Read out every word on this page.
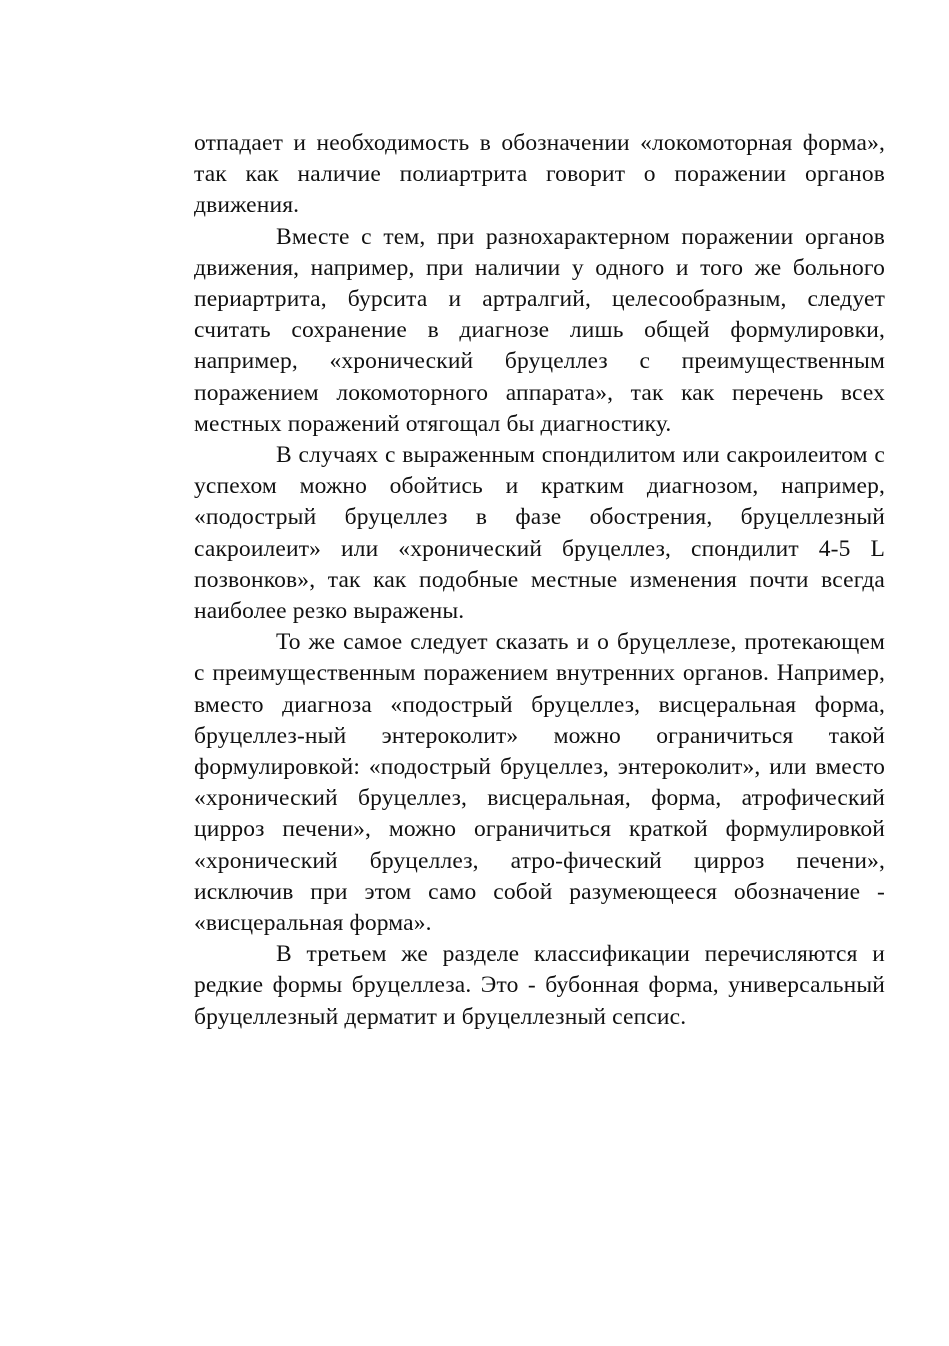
отпадает и необходимость в обозначении «локомоторная форма», так как наличие полиартрита говорит о поражении органов движения.

Вместе с тем, при разнохарактерном поражении органов движения, например, при наличии у одного и того же больного периартрита, бурсита и артралгий, целесообразным, следует считать сохранение в диагнозе лишь общей формулировки, например, «хронический бруцеллез с преимущественным поражением локомоторного аппарата», так как перечень всех местных поражений отягощал бы диагностику.

В случаях с выраженным спондилитом или сакроилеитом с успехом можно обойтись и кратким диагнозом, например, «подострый бруцеллез в фазе обострения, бруцеллезный сакроилеит» или «хронический бруцеллез, спондилит 4-5 L позвонков», так как подобные местные изменения почти всегда наиболее резко выражены.

То же самое следует сказать и о бруцеллезе, протекающем с преимущественным поражением внутренних органов. Например, вместо диагноза «подострый бруцеллез, висцеральная форма, бруцеллез-ный энтероколит» можно ограничиться такой формулировкой: «подострый бруцеллез, энтероколит», или вместо «хронический бруцеллез, висцеральная, форма, атрофический цирроз печени», можно ограничиться краткой формулировкой «хронический бруцеллез, атро-фический цирроз печени», исключив при этом само собой разумеющееся обозначение - «висцеральная форма».

В третьем же разделе классификации перечисляются и редкие формы бруцеллеза. Это - бубонная форма, универсальный бруцеллезный дерматит и бруцеллезный сепсис.
